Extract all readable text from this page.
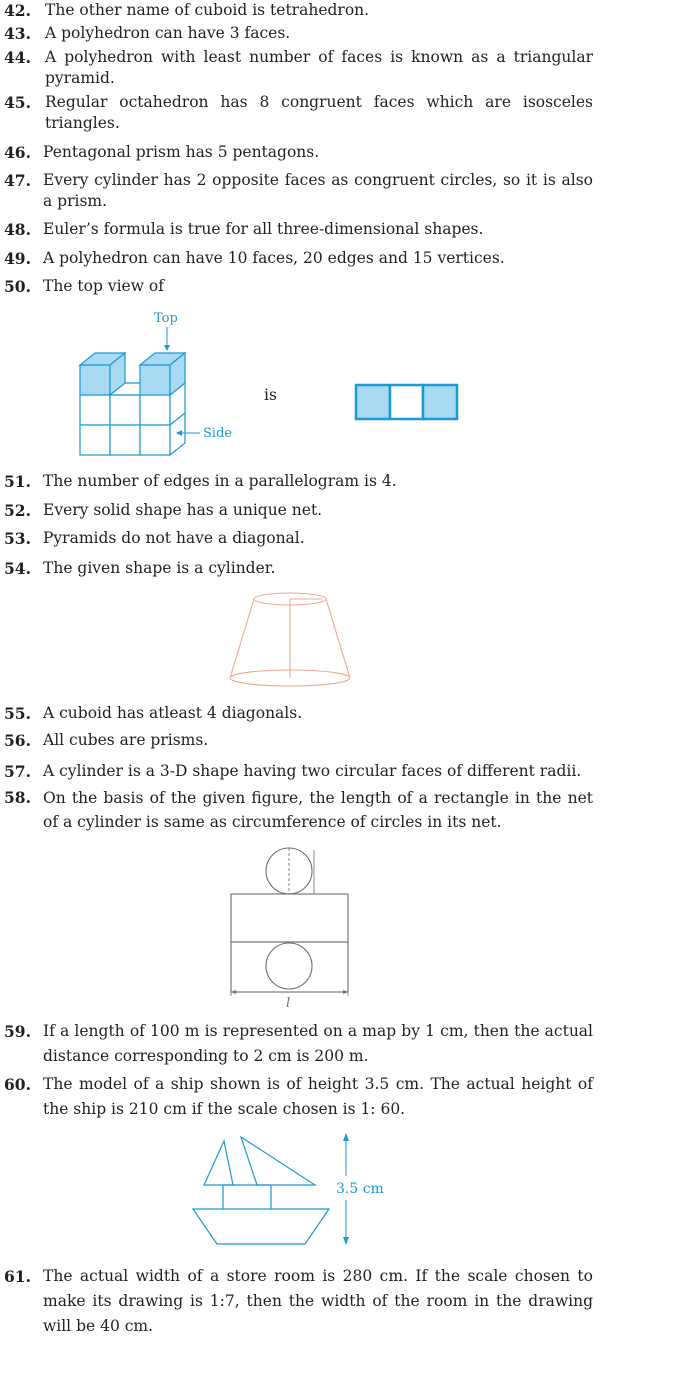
42. The other name of cuboid is tetrahedron.
43. A polyhedron can have 3 faces.
44. A polyhedron with least number of faces is known as a triangular pyramid.
45. Regular octahedron has 8 congruent faces which are isosceles triangles.
46. Pentagonal prism has 5 pentagons.
47. Every cylinder has 2 opposite faces as congruent circles, so it is also a prism.
48. Euler’s formula is true for all three-dimensional shapes.
49. A polyhedron can have 10 faces, 20 edges and 15 vertices.
50. The top view of
Top
Side
is
51. The number of edges in a parallelogram is 4.
52. Every solid shape has a unique net.
53. Pyramids do not have a diagonal.
54. The given shape is a cylinder.
55. A cuboid has atleast 4 diagonals.
56. All cubes are prisms.
57. A cylinder is a 3-D shape having two circular faces of different radii.
58. On the basis of the given figure, the length of a rectangle in the net of a cylinder is same as circumference of circles in its net.
l
59. If a length of 100 m is represented on a map by 1 cm, then the actual distance corresponding to 2 cm is 200 m.
60. The model of a ship shown is of height 3.5 cm. The actual height of the ship is 210 cm if the scale chosen is 1: 60.
3.5 cm
61. The actual width of a store room is 280 cm. If the scale chosen to make its drawing is 1:7, then the width of the room in the drawing will be 40 cm.
